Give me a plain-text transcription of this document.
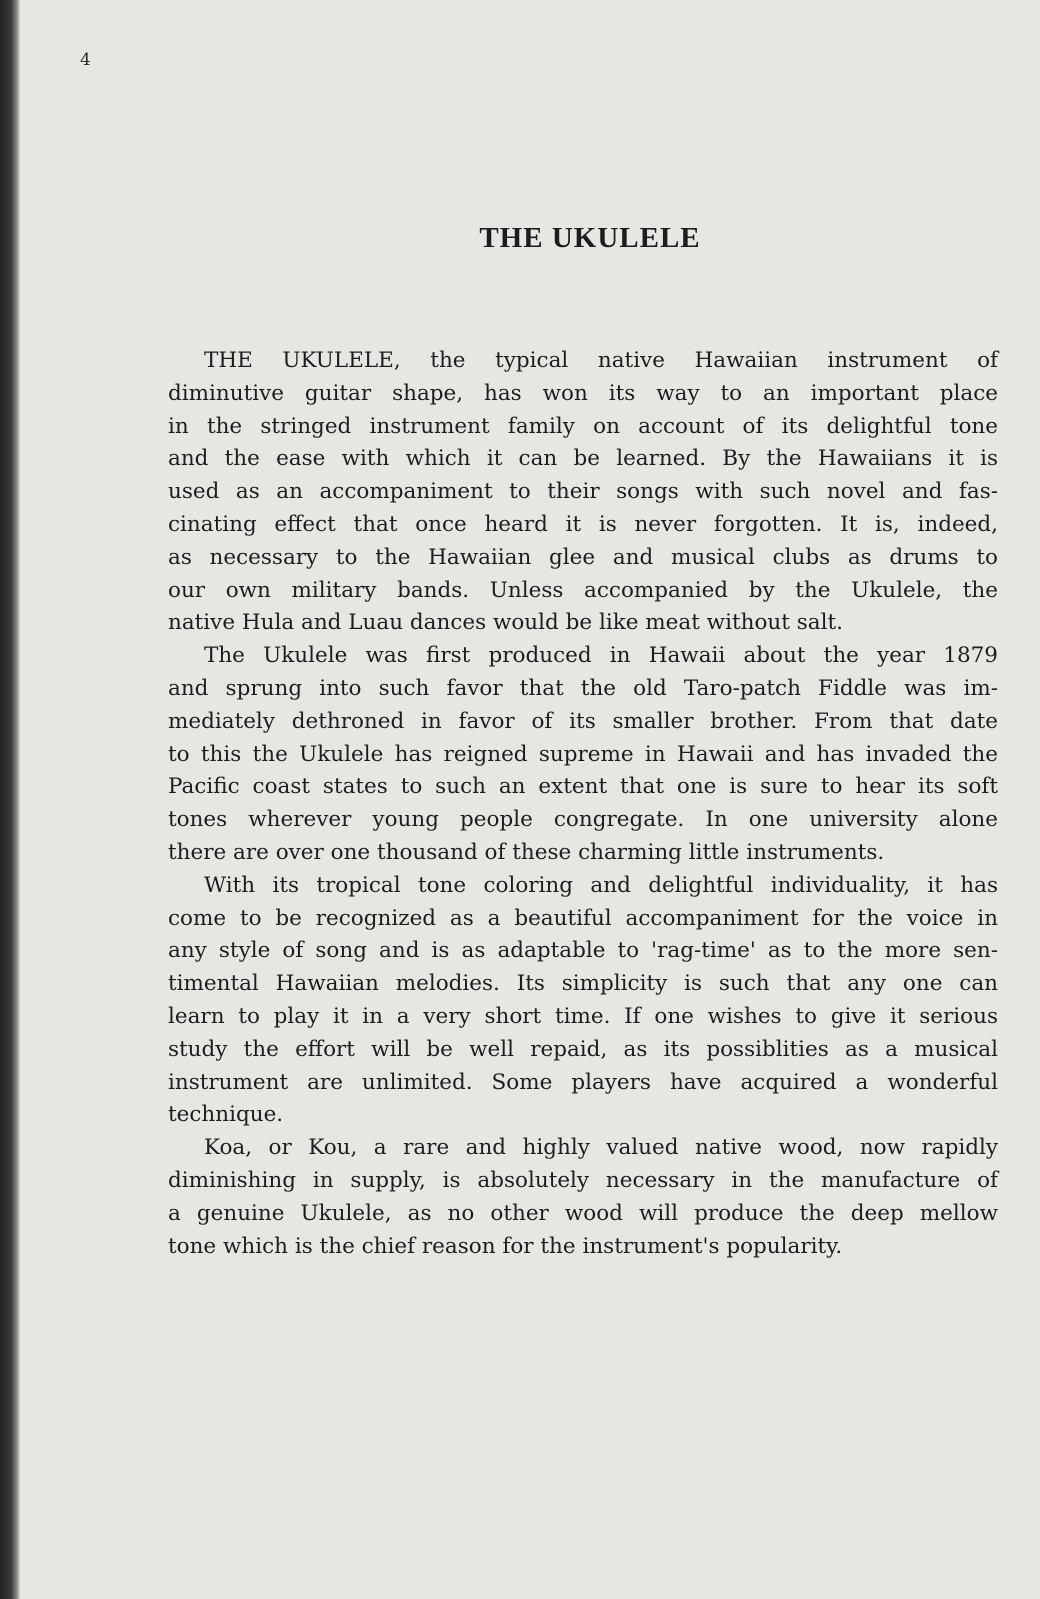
4
THE UKULELE
THE UKULELE, the typical native Hawaiian instrument of
diminutive guitar shape, has won its way to an important place
in the stringed instrument family on account of its delightful tone
and the ease with which it can be learned. By the Hawaiians it is
used as an accompaniment to their songs with such novel and fas-
cinating effect that once heard it is never forgotten. It is, indeed,
as necessary to the Hawaiian glee and musical clubs as drums to
our own military bands. Unless accompanied by the Ukulele, the
native Hula and Luau dances would be like meat without salt.
The Ukulele was first produced in Hawaii about the year 1879
and sprung into such favor that the old Taro-patch Fiddle was im-
mediately dethroned in favor of its smaller brother. From that date
to this the Ukulele has reigned supreme in Hawaii and has invaded the
Pacific coast states to such an extent that one is sure to hear its soft
tones wherever young people congregate. In one university alone
there are over one thousand of these charming little instruments.
With its tropical tone coloring and delightful individuality, it has
come to be recognized as a beautiful accompaniment for the voice in
any style of song and is as adaptable to 'rag-time' as to the more sen-
timental Hawaiian melodies. Its simplicity is such that any one can
learn to play it in a very short time. If one wishes to give it serious
study the effort will be well repaid, as its possiblities as a musical
instrument are unlimited. Some players have acquired a wonderful
technique.
Koa, or Kou, a rare and highly valued native wood, now rapidly
diminishing in supply, is absolutely necessary in the manufacture of
a genuine Ukulele, as no other wood will produce the deep mellow
tone which is the chief reason for the instrument's popularity.
